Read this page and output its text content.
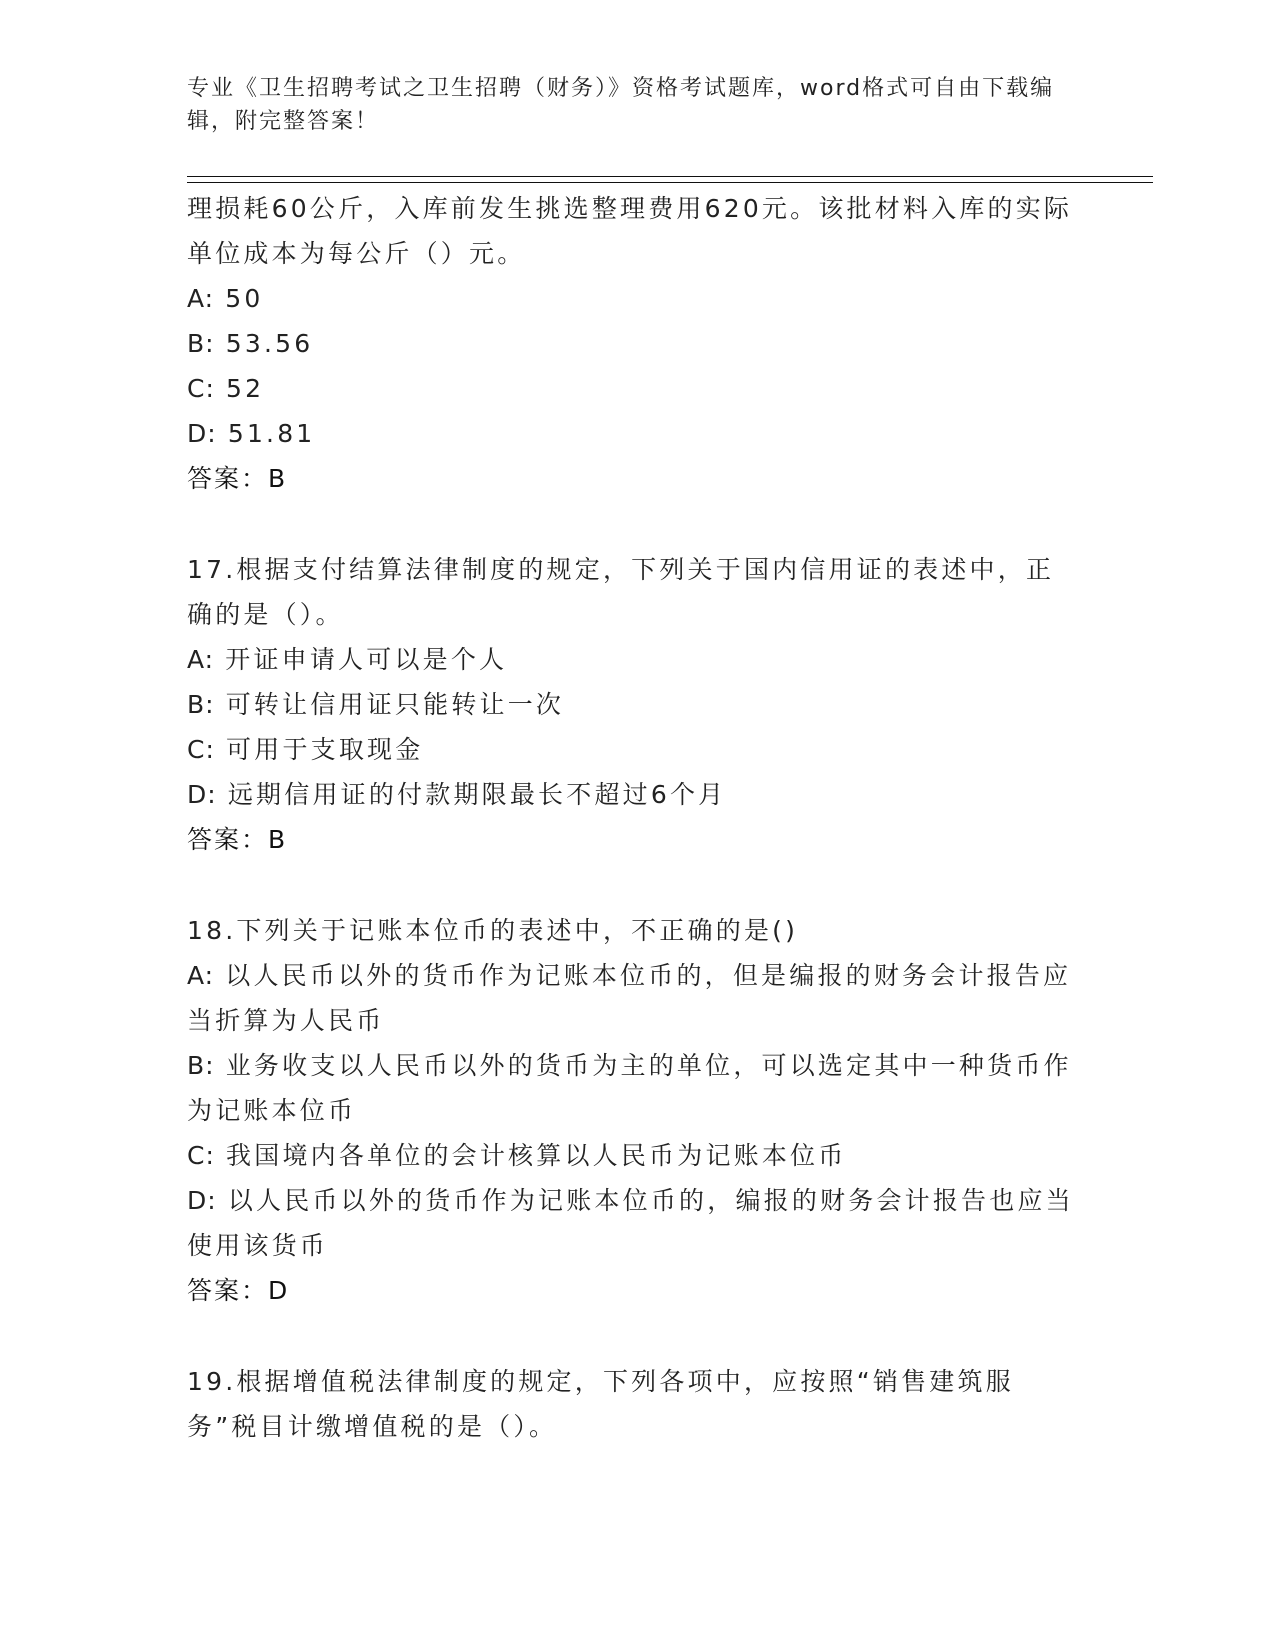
专业《卫生招聘考试之卫生招聘（财务）》资格考试题库，word格式可自由下载编辑，附完整答案！

理损耗60公斤，入库前发生挑选整理费用620元。该批材料入库的实际单位成本为每公斤（）元。

A: 50

B: 53.56

C: 52

D: 51.81

答案：B

17.根据支付结算法律制度的规定，下列关于国内信用证的表述中，正确的是（）。

A: 开证申请人可以是个人

B: 可转让信用证只能转让一次

C: 可用于支取现金

D: 远期信用证的付款期限最长不超过6个月

答案：B

18.下列关于记账本位币的表述中，不正确的是()

A: 以人民币以外的货币作为记账本位币的，但是编报的财务会计报告应当折算为人民币

B: 业务收支以人民币以外的货币为主的单位，可以选定其中一种货币作为记账本位币

C: 我国境内各单位的会计核算以人民币为记账本位币

D: 以人民币以外的货币作为记账本位币的，编报的财务会计报告也应当使用该货币

答案：D

19.根据增值税法律制度的规定，下列各项中，应按照“销售建筑服务”税目计缴增值税的是（）。
